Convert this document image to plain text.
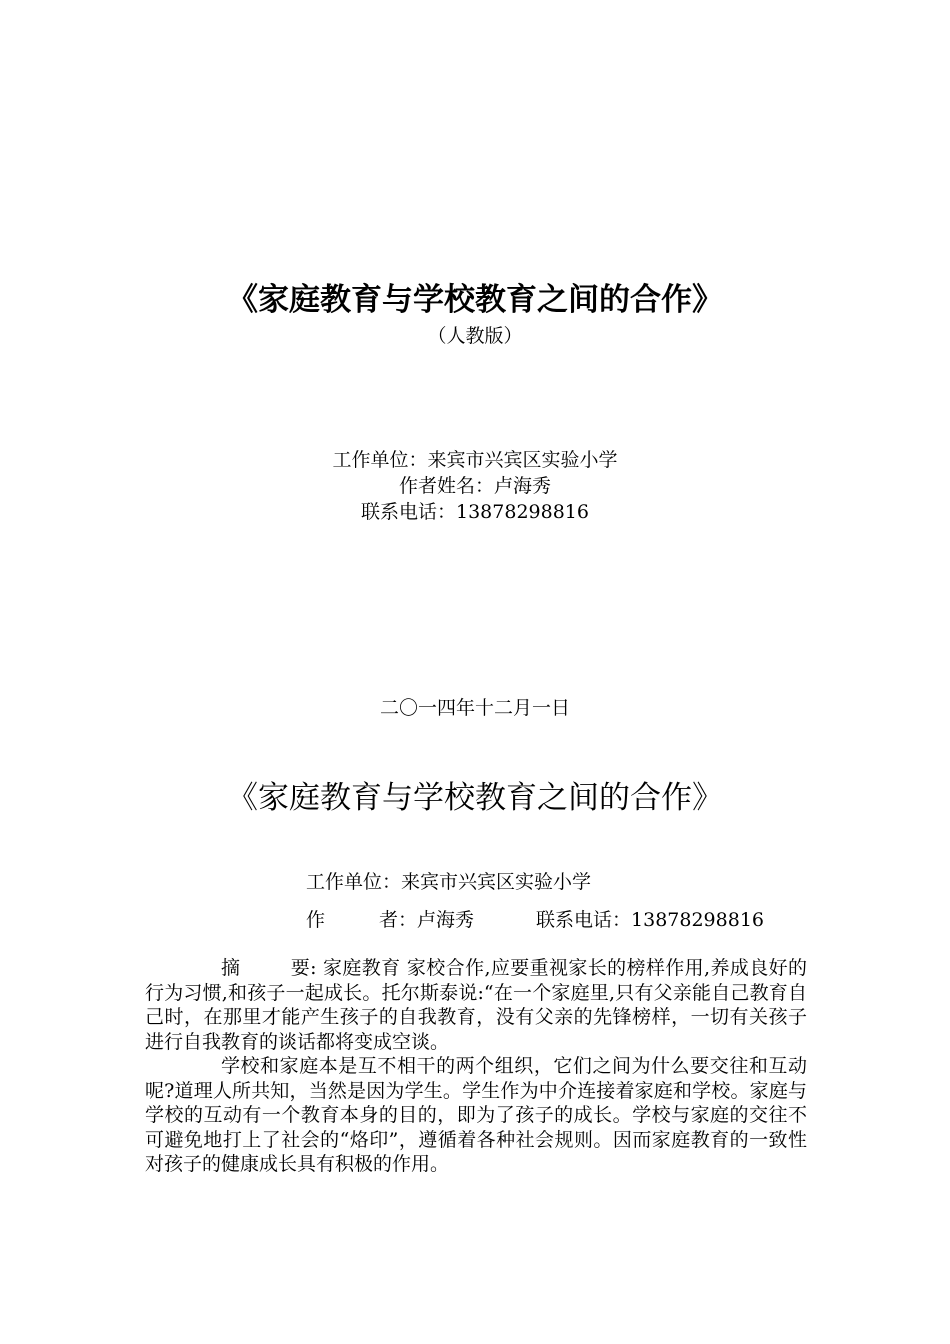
《家庭教育与学校教育之间的合作》
（人教版）
工作单位：来宾市兴宾区实验小学
作者姓名：卢海秀
联系电话：13878298816
二〇一四年十二月一日
《家庭教育与学校教育之间的合作》
工作单位：来宾市兴宾区实验小学
作	者：卢海秀	联系电话：13878298816

摘	要: 家庭教育 家校合作,应要重视家长的榜样作用,养成良好的行为习惯,和孩子一起成长。托尔斯泰说:“在一个家庭里,只有父亲能自己教育自己时，在那里才能产生孩子的自我教育，没有父亲的先锋榜样，一切有关孩子进行自我教育的谈话都将变成空谈。

学校和家庭本是互不相干的两个组织，它们之间为什么要交往和互动呢?道理人所共知，当然是因为学生。学生作为中介连接着家庭和学校。家庭与学校的互动有一个教育本身的目的，即为了孩子的成长。学校与家庭的交往不可避免地打上了社会的“烙印”，遵循着各种社会规则。因而家庭教育的一致性对孩子的健康成长具有积极的作用。
